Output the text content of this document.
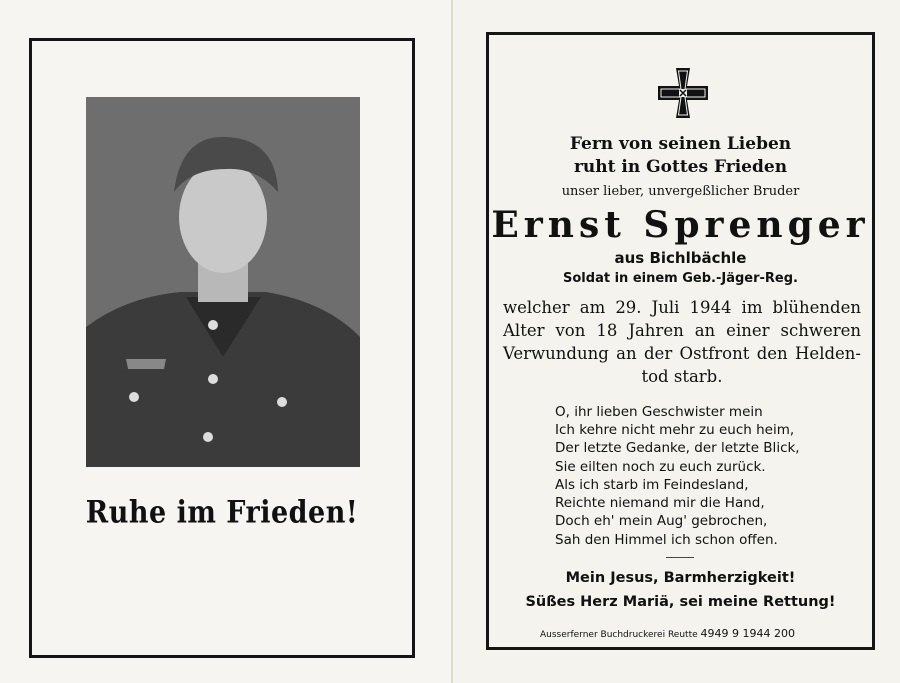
Ruhe im Frieden!
Fern von seinen Lieben
ruht in Gottes Frieden
unser lieber, unvergeßlicher Bruder
Ernst Sprenger
aus Bichlbächle
Soldat in einem Geb.-Jäger-Reg.
welcher am 29. Juli 1944 im blühenden
Alter von 18 Jahren an einer schweren
Verwundung an der Ostfront den Helden-
tod starb.
O, ihr lieben Geschwister mein
Ich kehre nicht mehr zu euch heim,
Der letzte Gedanke, der letzte Blick,
Sie eilten noch zu euch zurück.
Als ich starb im Feindesland,
Reichte niemand mir die Hand,
Doch eh' mein Aug' gebrochen,
Sah den Himmel ich schon offen.
Mein Jesus, Barmherzigkeit!
Süßes Herz Mariä, sei meine Rettung!
Ausserferner Buchdruckerei Reutte 4949 9 1944 200
